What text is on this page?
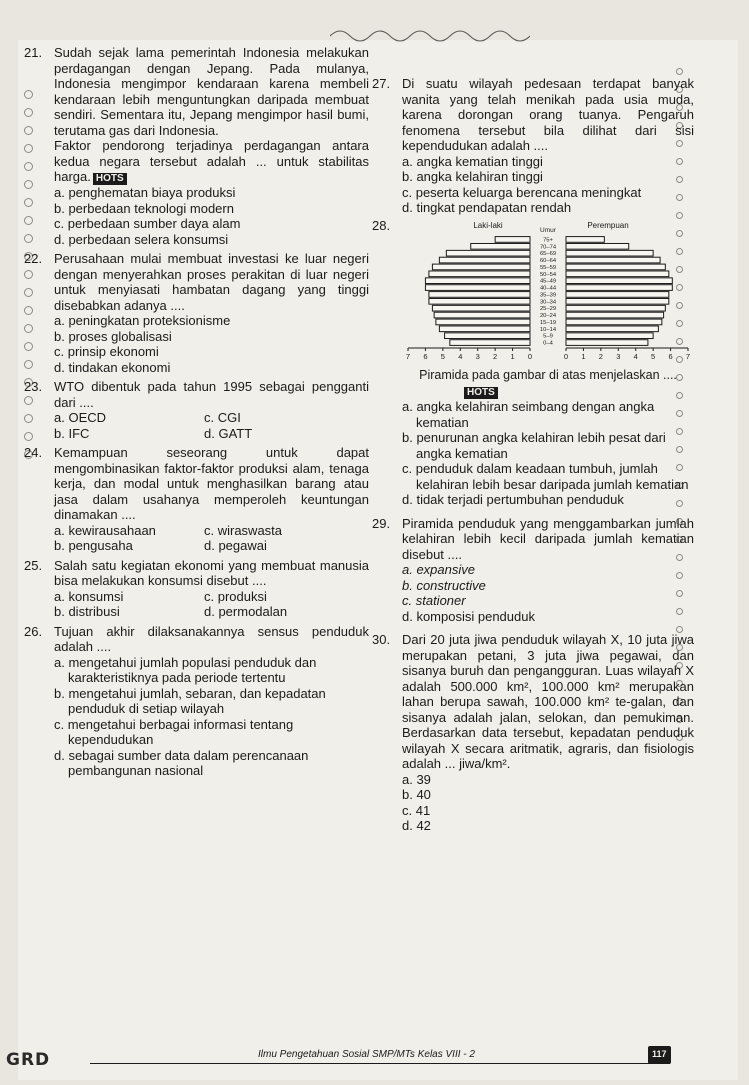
21. Sudah sejak lama pemerintah Indonesia melakukan perdagangan dengan Jepang. Pada mulanya, Indonesia mengimpor kendaraan karena membeli kendaraan lebih menguntungkan daripada membuat sendiri. Sementara itu, Jepang mengimpor hasil bumi, terutama gas dari Indonesia.
Faktor pendorong terjadinya perdagangan antara kedua negara tersebut adalah ... untuk stabilitas harga. HOTS
a. penghematan biaya produksi
b. perbedaan teknologi modern
c. perbedaan sumber daya alam
d. perbedaan selera konsumsi
22. Perusahaan mulai membuat investasi ke luar negeri dengan menyerahkan proses perakitan di luar negeri untuk menyiasati hambatan dagang yang tinggi disebabkan adanya ....
a. peningkatan proteksionisme
b. proses globalisasi
c. prinsip ekonomi
d. tindakan ekonomi
23. WTO dibentuk pada tahun 1995 sebagai pengganti dari ....
a. OECD	c. CGI
b. IFC	d. GATT
24. Kemampuan seseorang untuk dapat mengombinasikan faktor-faktor produksi alam, tenaga kerja, dan modal untuk menghasilkan barang atau jasa dalam usahanya memperoleh keuntungan dinamakan ....
a. kewirausahaan	c. wiraswasta
b. pengusaha	d. pegawai
25. Salah satu kegiatan ekonomi yang membuat manusia bisa melakukan konsumsi disebut ....
a. konsumsi	c. produksi
b. distribusi	d. permodalan
26. Tujuan akhir dilaksanakannya sensus penduduk adalah ....
a. mengetahui jumlah populasi penduduk dan karakteristiknya pada periode tertentu
b. mengetahui jumlah, sebaran, dan kepadatan penduduk di setiap wilayah
c. mengetahui berbagai informasi tentang kependudukan
d. sebagai sumber data dalam perencanaan pembangunan nasional
27. Di suatu wilayah pedesaan terdapat banyak wanita yang telah menikah pada usia muda, karena dorongan orang tuanya. Pengaruh fenomena tersebut bila dilihat dari sisi kependudukan adalah ....
a. angka kematian tinggi
b. angka kelahiran tinggi
c. peserta keluarga berencana meningkat
d. tingkat pendapatan rendah
28.	Laki-laki	Perempuan
Umur
75+
70–74
65–69
60–64
55–59
50–54
45–49
40–44
35–39
30–34
25–29
20–24
15–19
10–14
5–9
0–4
7 6 5 4 3 2 1 0	0 1 2 3 4 5 6 7
Piramida pada gambar di atas menjelaskan ....
HOTS
a. angka kelahiran seimbang dengan angka kematian
b. penurunan angka kelahiran lebih pesat dari angka kematian
c. penduduk dalam keadaan tumbuh, jumlah kelahiran lebih besar daripada jumlah kematian
d. tidak terjadi pertumbuhan penduduk
29. Piramida penduduk yang menggambarkan jumlah kelahiran lebih kecil daripada jumlah kematian disebut ....
a. expansive
b. constructive
c. stationer
d. komposisi penduduk
30. Dari 20 juta jiwa penduduk wilayah X, 10 juta jiwa merupakan petani, 3 juta jiwa pegawai, dan sisanya buruh dan pengangguran. Luas wilayah X adalah 500.000 km², 100.000 km² merupakan lahan berupa sawah, 100.000 km² te-galan, dan sisanya adalah jalan, selokan, dan pemukiman. Berdasarkan data tersebut, kepadatan penduduk wilayah X secara aritmatik, agraris, dan fisiologis adalah ... jiwa/km².
a. 39
b. 40
c. 41
d. 42
GRD	Ilmu Pengetahuan Sosial SMP/MTs Kelas VIII - 2	117
